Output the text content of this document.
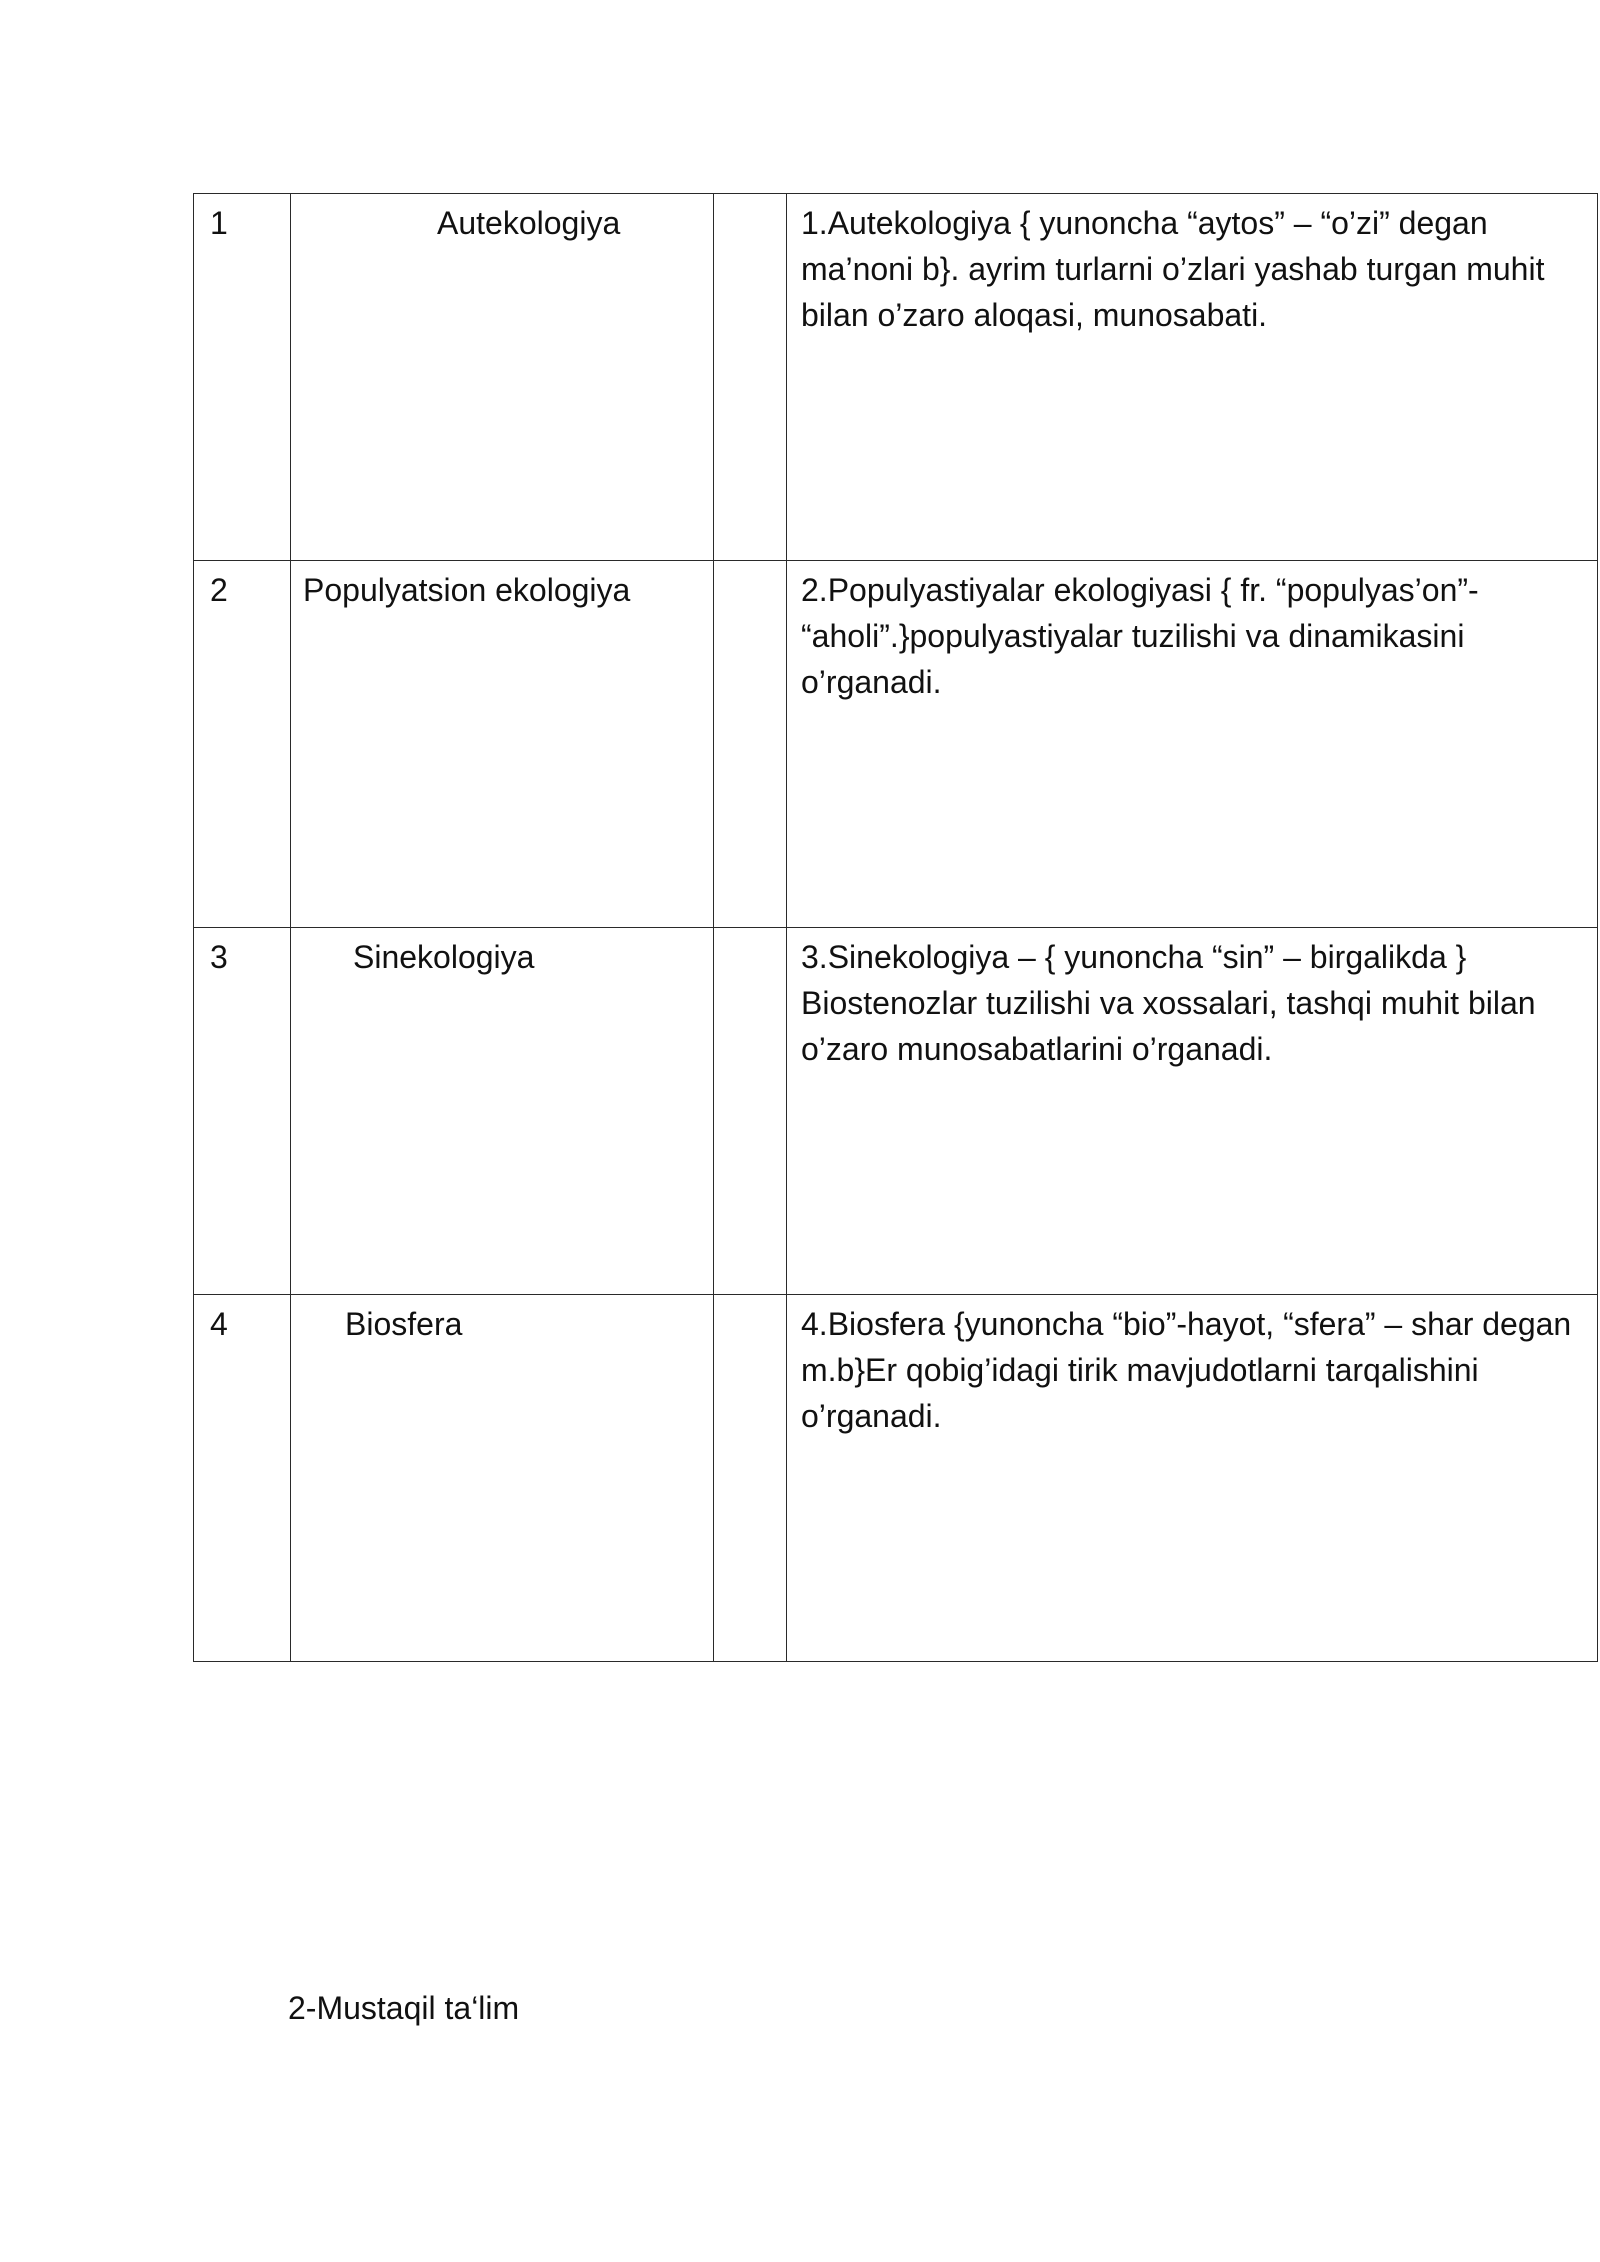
1	Autekologiya		1.Autekologiya { yunoncha “aytos” – “o’zi” degan ma’noni b}. ayrim turlarni o’zlari yashab turgan muhit bilan o’zaro aloqasi, munosabati.

2	Populyatsion ekologiya		2.Populyastiyalar ekologiyasi { fr. “populyas’on”- “aholi”.}populyastiyalar tuzilishi va dinamikasini o’rganadi.

3	Sinekologiya		3.Sinekologiya – { yunoncha “sin” – birgalikda } Biostenozlar tuzilishi va xossalari, tashqi muhit bilan o’zaro munosabatlarini o’rganadi.

4	Biosfera		4.Biosfera {yunoncha “bio”-hayot, “sfera” – shar degan m.b}Er qobig’idagi tirik mavjudotlarni tarqalishini o’rganadi.
2-Mustaqil ta‘lim
